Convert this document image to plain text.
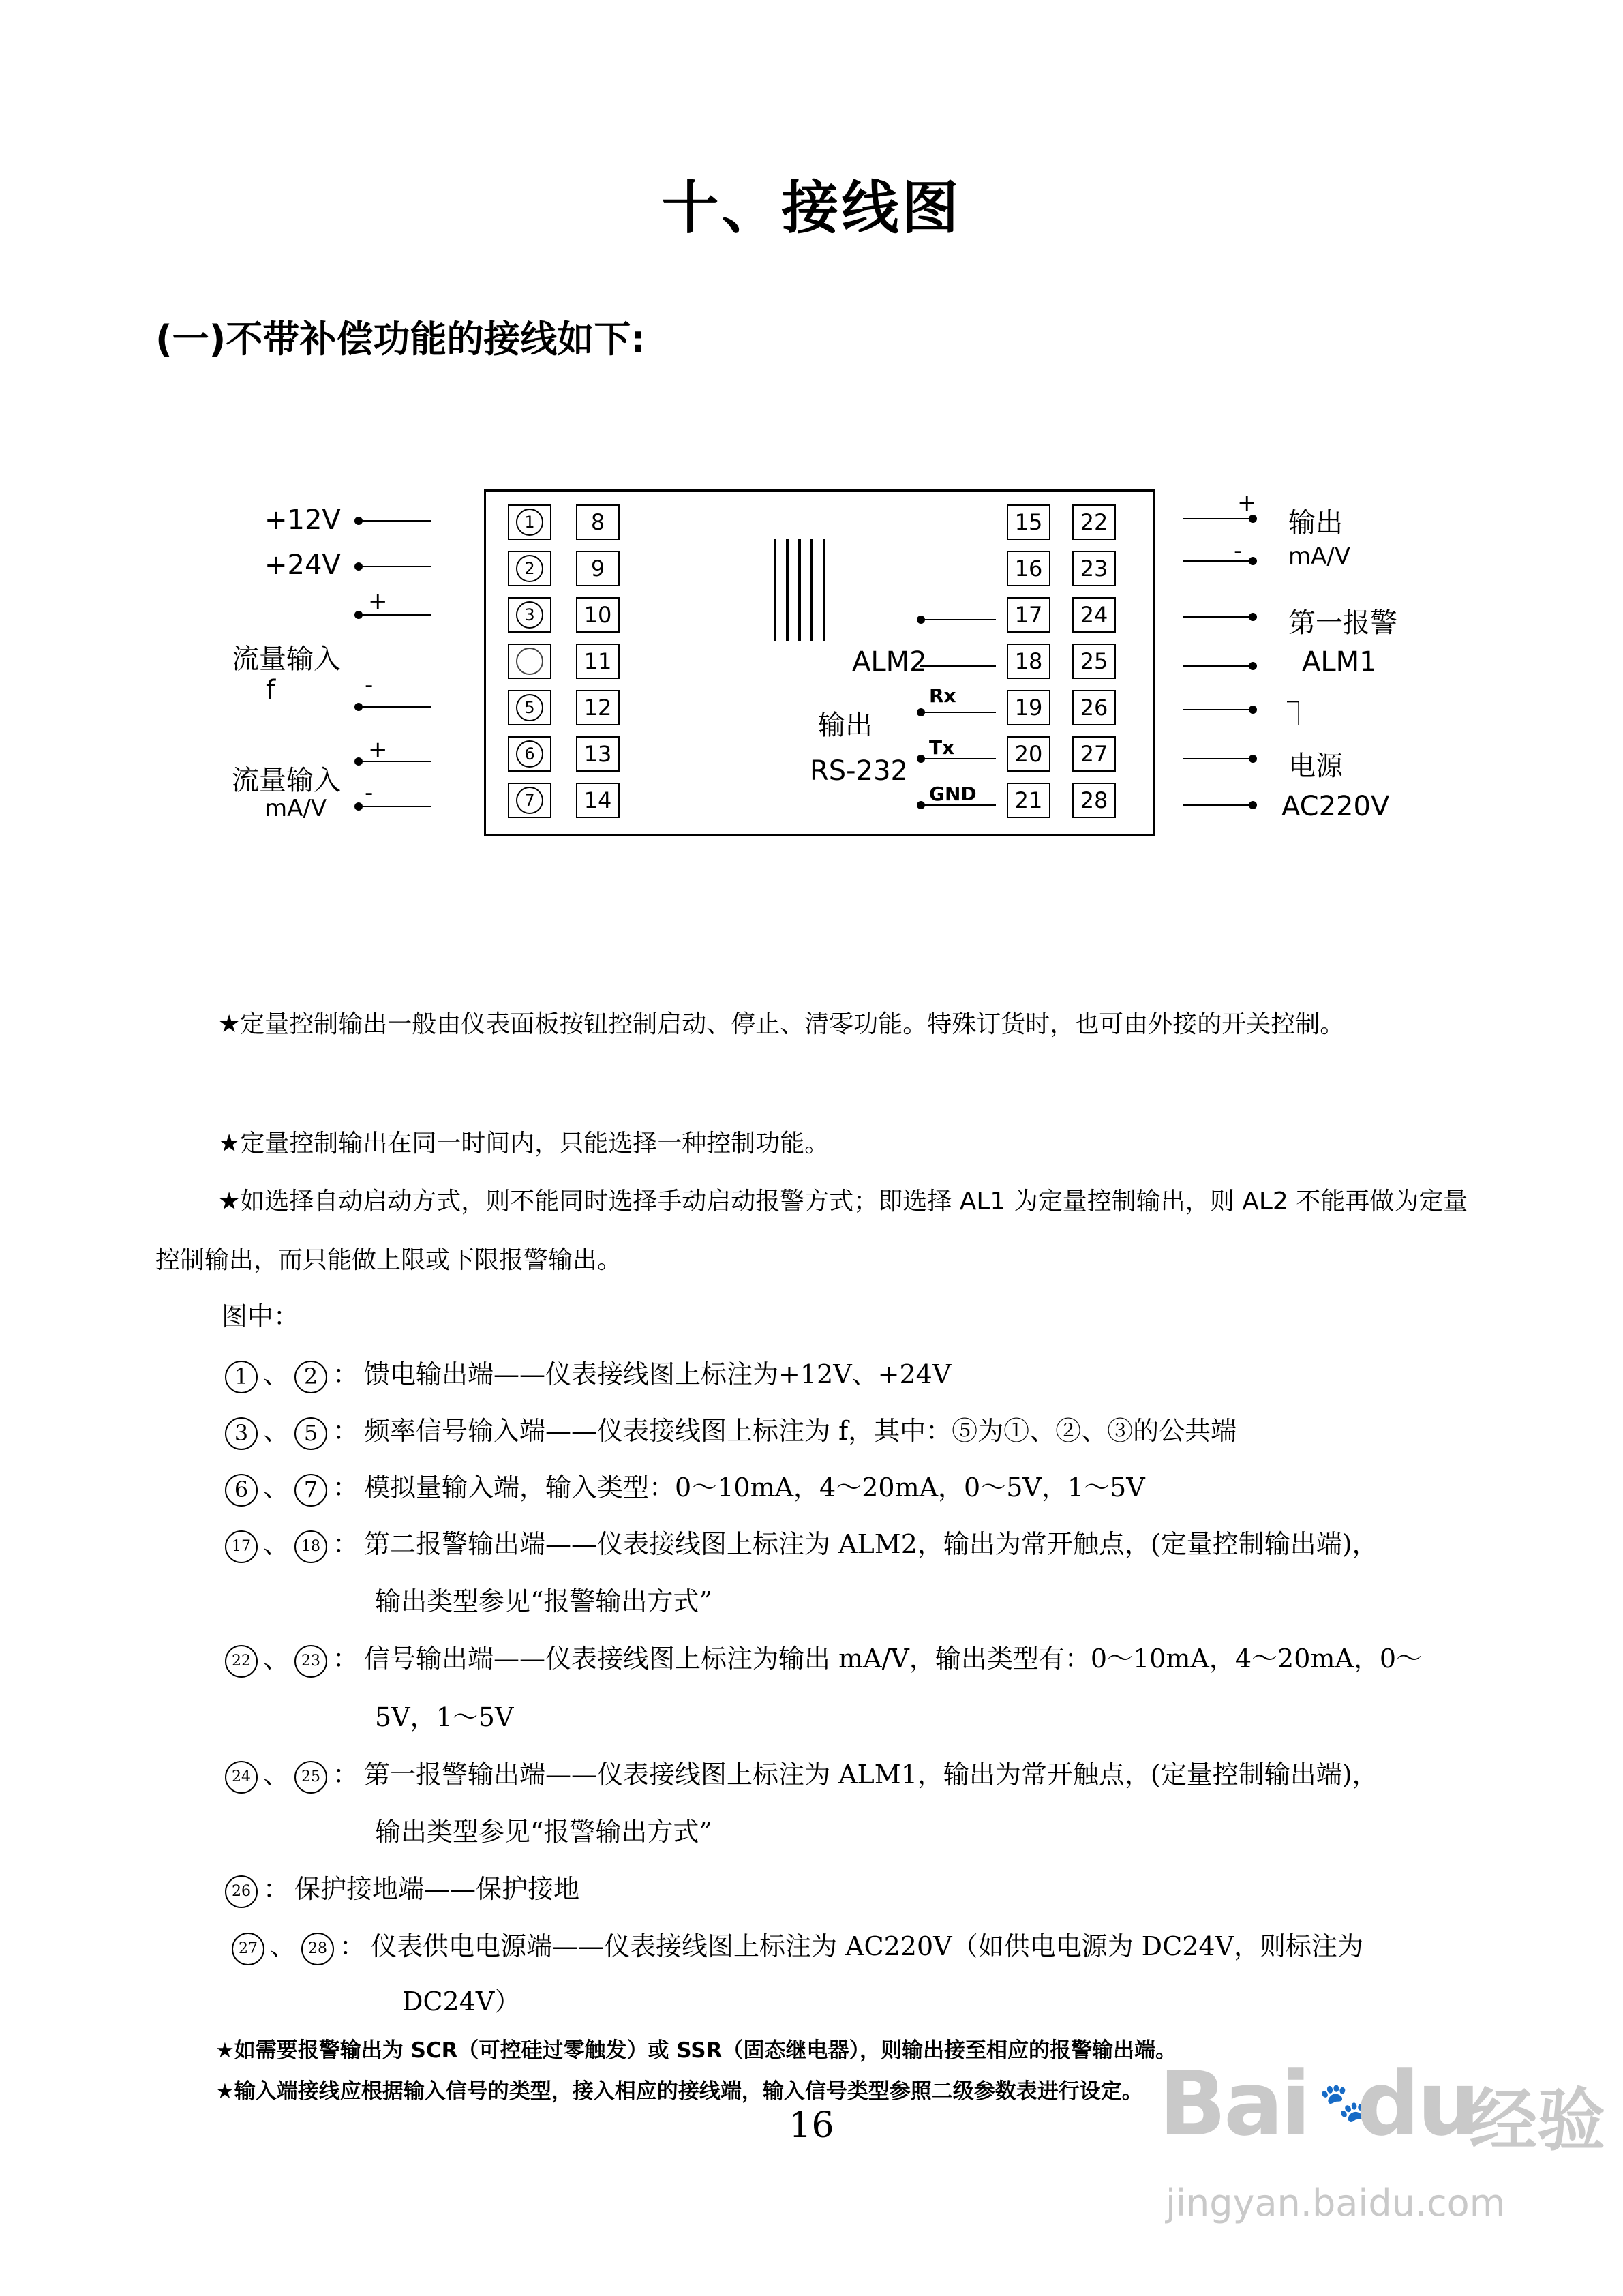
十、接线图
(一)不带补偿功能的接线如下:
+12V
+24V
流量输入
f
流量输入
mA/V
+
-
+
-
1
2
3
5
6
7
8
9
10
11
12
13
14
ALM2
输出
RS-232
Rx
Tx
GND
15
16
17
18
19
20
21
22
23
24
25
26
27
28
+
-
输出
mA/V
第一报警
ALM1
⏋
电源
AC220V
★定量控制输出一般由仪表面板按钮控制启动、停止、清零功能。特殊订货时，也可由外接的开关控制。
★定量控制输出在同一时间内，只能选择一种控制功能。
★如选择自动启动方式，则不能同时选择手动启动报警方式；即选择 AL1 为定量控制输出，则 AL2 不能再做为定量控制输出，而只能做上限或下限报警输出。
图中：
1 、 2 ： 馈电输出端——仪表接线图上标注为+12V、+24V
3 、 5 ： 频率信号输入端——仪表接线图上标注为 f，其中：⑤为①、②、③的公共端
6 、 7 ： 模拟量输入端，输入类型：0～10mA，4～20mA，0～5V，1～5V
17 、 18 ： 第二报警输出端——仪表接线图上标注为 ALM2，输出为常开触点，(定量控制输出端)，
输出类型参见“报警输出方式”
22 、 23 ： 信号输出端——仪表接线图上标注为输出 mA/V，输出类型有：0～10mA，4～20mA，0～
5V，1～5V
24 、 25 ： 第一报警输出端——仪表接线图上标注为 ALM1，输出为常开触点，(定量控制输出端)，
输出类型参见“报警输出方式”
26 ： 保护接地端——保护接地
27 、 28 ： 仪表供电电源端——仪表接线图上标注为 AC220V（如供电电源为 DC24V，则标注为
DC24V）
★如需要报警输出为 SCR（可控硅过零触发）或 SSR（固态继电器），则输出接至相应的报警输出端。
★输入端接线应根据输入信号的类型，接入相应的接线端，输入信号类型参照二级参数表进行设定。
16	Bai 🐾
du
经验
jingyan.baidu.com
